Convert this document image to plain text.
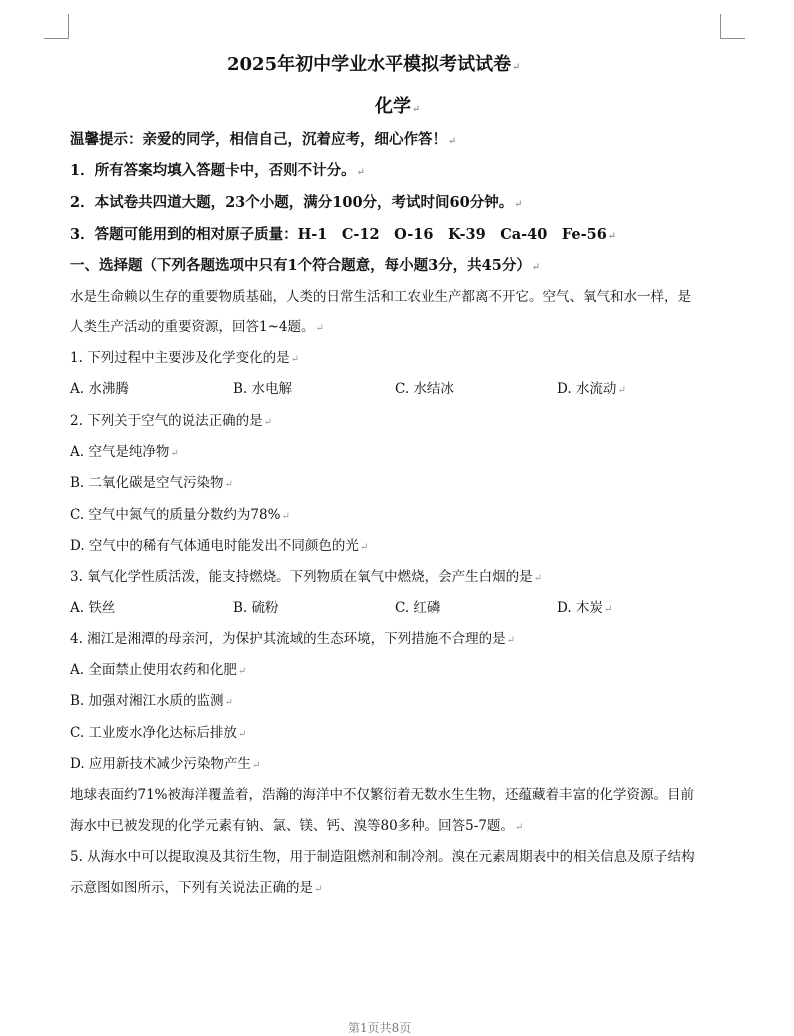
2025年初中学业水平模拟考试试卷↵
化学↵
温馨提示：亲爱的同学，相信自己，沉着应考，细心作答！↵
1．所有答案均填入答题卡中，否则不计分。↵
2．本试卷共四道大题，23个小题，满分100分，考试时间60分钟。↵
3．答题可能用到的相对原子质量：H-1　C-12　O-16　K-39　Ca-40　Fe-56↵
一、选择题（下列各题选项中只有1个符合题意，每小题3分，共45分）↵
水是生命赖以生存的重要物质基础，人类的日常生活和工农业生产都离不开它。空气、氧气和水一样，是
人类生产活动的重要资源，回答1~4题。↵
1. 下列过程中主要涉及化学变化的是↵
A. 水沸腾	B. 水电解	C. 水结冰	D. 水流动↵
2. 下列关于空气的说法正确的是↵
A. 空气是纯净物↵
B. 二氧化碳是空气污染物↵
C. 空气中氮气的质量分数约为78%↵
D. 空气中的稀有气体通电时能发出不同颜色的光↵
3. 氧气化学性质活泼，能支持燃烧。下列物质在氧气中燃烧，会产生白烟的是↵
A. 铁丝	B. 硫粉	C. 红磷	D. 木炭↵
4. 湘江是湘潭的母亲河，为保护其流域的生态环境，下列措施不合理的是↵
A. 全面禁止使用农药和化肥↵
B. 加强对湘江水质的监测↵
C. 工业废水净化达标后排放↵
D. 应用新技术减少污染物产生↵
地球表面约71%被海洋覆盖着，浩瀚的海洋中不仅繁衍着无数水生生物，还蕴藏着丰富的化学资源。目前
海水中已被发现的化学元素有钠、氯、镁、钙、溴等80多种。回答5-7题。↵
5. 从海水中可以提取溴及其衍生物，用于制造阻燃剂和制冷剂。溴在元素周期表中的相关信息及原子结构
示意图如图所示，下列有关说法正确的是↵
第1页共8页
